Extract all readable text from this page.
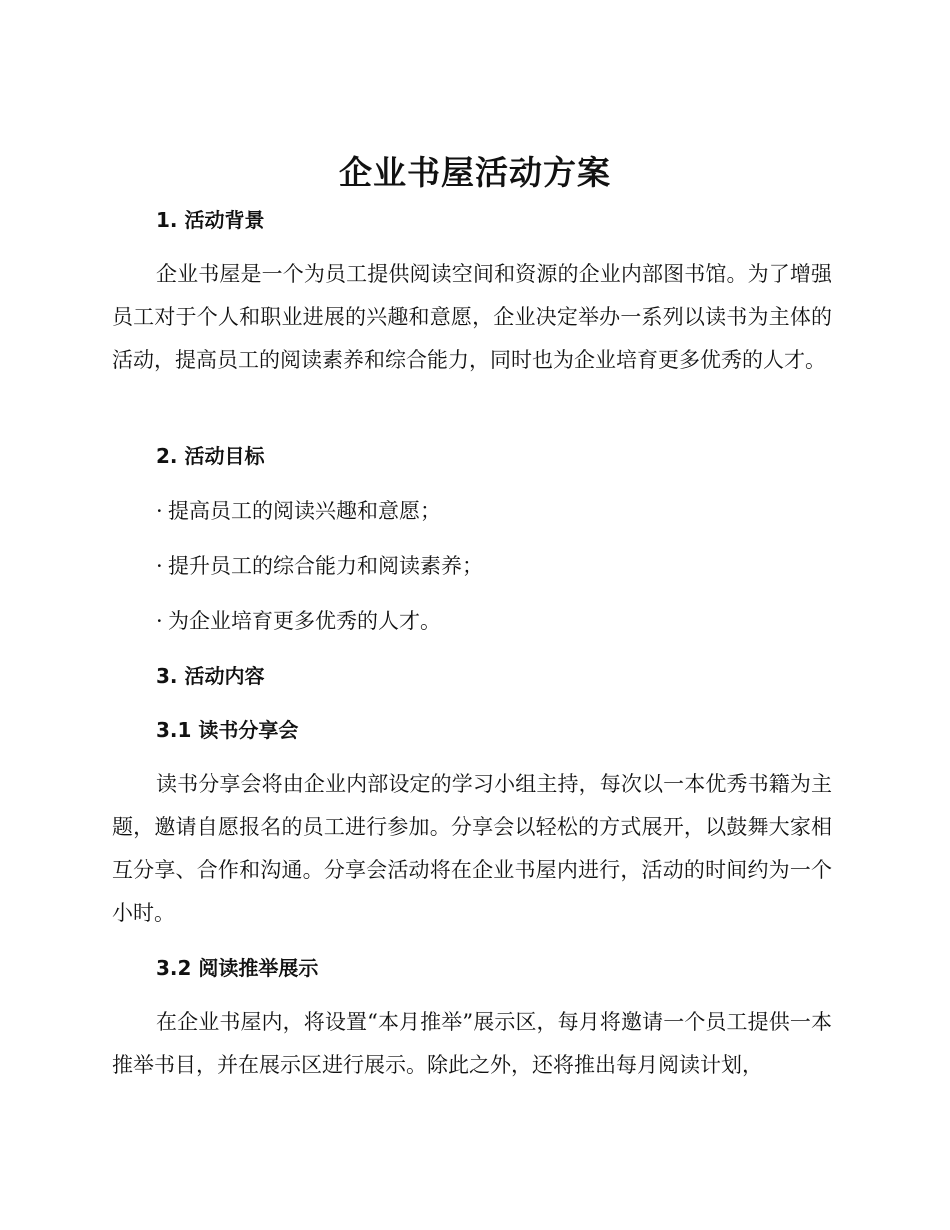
企业书屋活动方案
1. 活动背景

企业书屋是一个为员工提供阅读空间和资源的企业内部图书馆。为了增强员工对于个人和职业进展的兴趣和意愿，企业决定举办一系列以读书为主体的活动，提高员工的阅读素养和综合能力，同时也为企业培育更多优秀的人才。

2. 活动目标

· 提高员工的阅读兴趣和意愿；

· 提升员工的综合能力和阅读素养；

· 为企业培育更多优秀的人才。

3. 活动内容
3.1 读书分享会

读书分享会将由企业内部设定的学习小组主持，每次以一本优秀书籍为主题，邀请自愿报名的员工进行参加。分享会以轻松的方式展开，以鼓舞大家相互分享、合作和沟通。分享会活动将在企业书屋内进行，活动的时间约为一个小时。

3.2 阅读推举展示

在企业书屋内，将设置“本月推举”展示区，每月将邀请一个员工提供一本推举书目，并在展示区进行展示。除此之外，还将推出每月阅读计划，
